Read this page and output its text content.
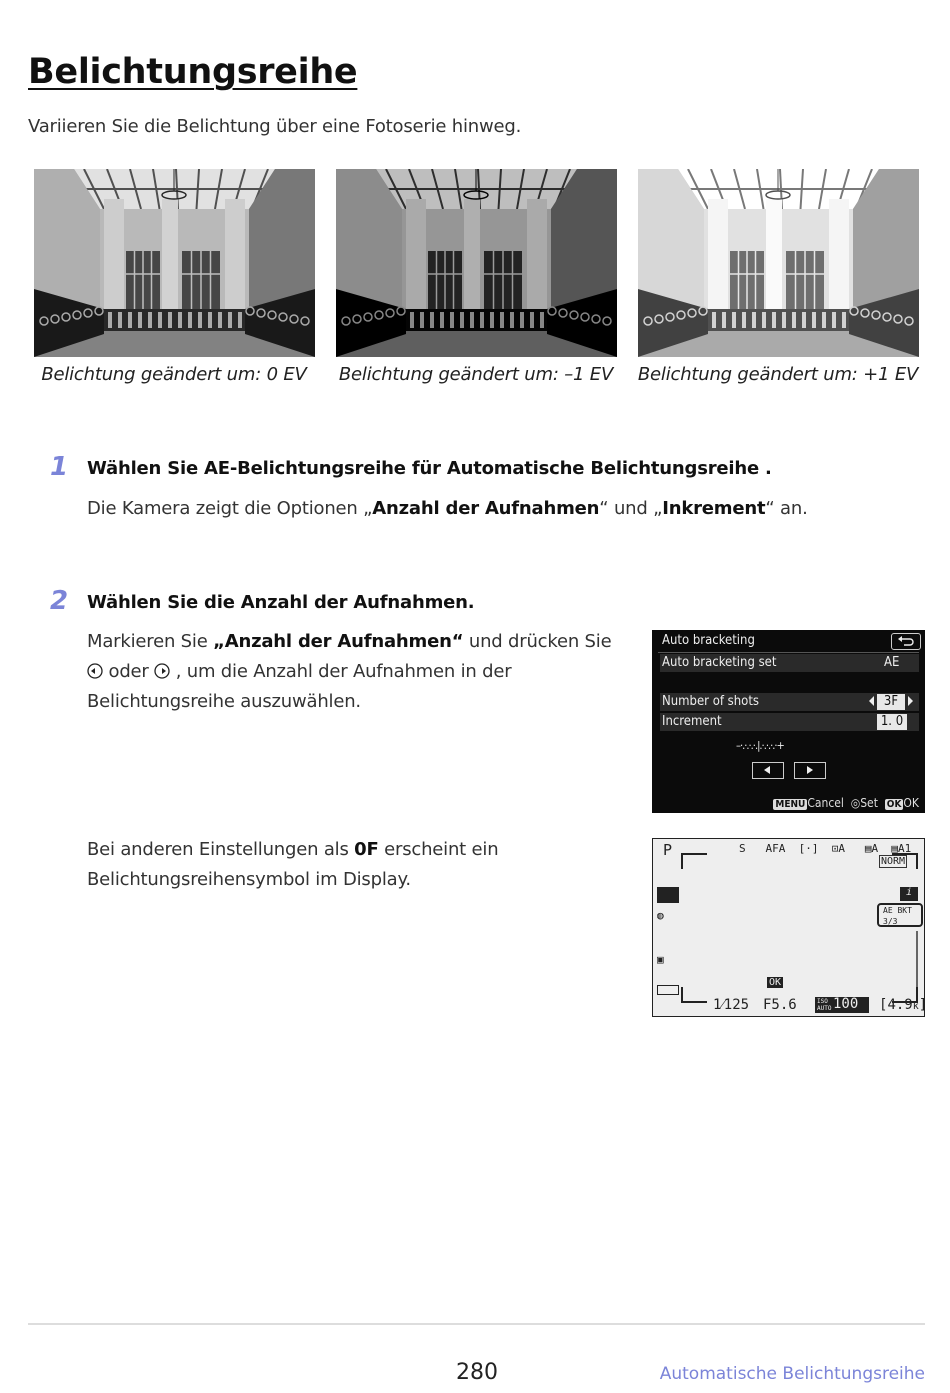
Belichtungsreihe
Variieren Sie die Belichtung über eine Fotoserie hinweg.
Belichtung geändert um: 0 EV	Belichtung geändert um: –1 EV	Belichtung geändert um: +1 EV
1 Wählen Sie AE-Belichtungsreihe für Automatische Belichtungsreihe .
Die Kamera zeigt die Optionen „Anzahl der Aufnahmen“ und „Inkrement“ an.
2 Wählen Sie die Anzahl der Aufnahmen.
Markieren Sie „Anzahl der Aufnahmen“ und drücken Sie
oder  , um die Anzahl der Aufnahmen in der
Belichtungsreihe auszuwählen.
Bei anderen Einstellungen als 0F erscheint ein
Belichtungsreihensymbol im Display.
Auto bracketing
Auto bracketing set	AE
Number of shots	3F
Increment	1. 0
–·.·.·.·.|.·.·.·.·+
MENU Cancel ◎Set OK OK
P	S   AFA  [·]  ⊡A   ▤A  ▤A1
NORM
◍
i
AE BKT 3/3
▣
OK
1⁄125 F5.6	ISO AUTO 100 [4.9k]
280	Automatische Belichtungsreihe
